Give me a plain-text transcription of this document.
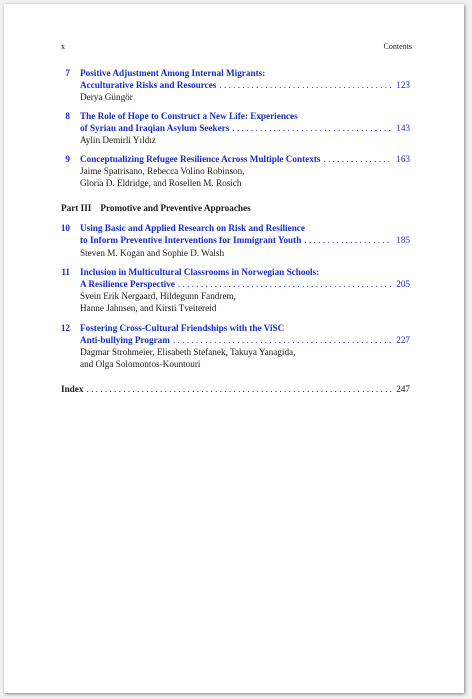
x	Contents
7 Positive Adjustment Among Internal Migrants:
Acculturative Risks and Resources . . .	123
Derya Güngör
8 The Role of Hope to Construct a New Life: Experiences
of Syrian and Iraqian Asylum Seekers . . .	143
Aylin Demirli Yıldız
9 Conceptualizing Refugee Resilience Across Multiple Contexts . . .	163
Jaime Spatrisano, Rebecca Volino Robinson,
Gloria D. Eldridge, and Rosellen M. Rosich
Part III Promotive and Preventive Approaches
10 Using Basic and Applied Research on Risk and Resilience
to Inform Preventive Interventions for Immigrant Youth . . .	185
Steven M. Kogan and Sophie D. Walsh
11 Inclusion in Multicultural Classrooms in Norwegian Schools:
A Resilience Perspective . . .	205
Svein Erik Nergaard, Hildegunn Fandrem,
Hanne Jahnsen, and Kirsti Tveitereid
12 Fostering Cross-Cultural Friendships with the ViSC
Anti-bullying Program . . .	227
Dagmar Strohmeier, Elisabeth Stefanek, Takuya Yanagida,
and Olga Solomontos-Kountouri
Index . . .	247
